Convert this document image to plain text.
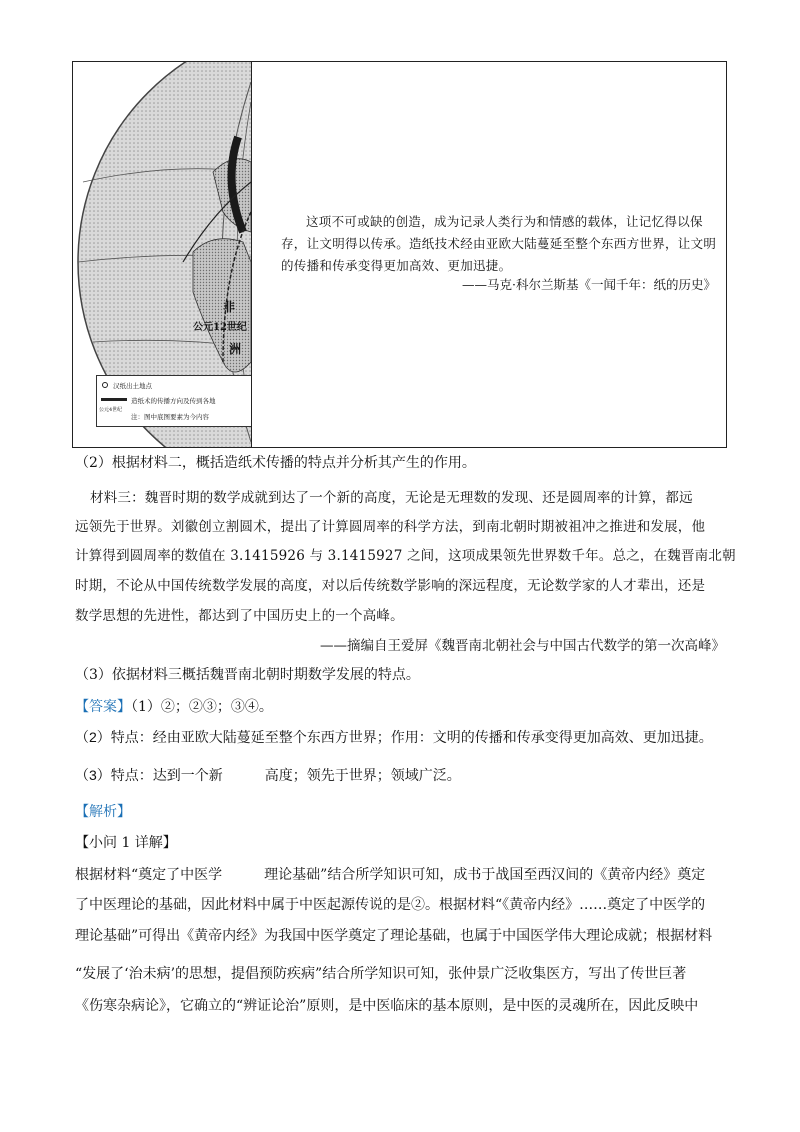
非
公元12世纪
洲
汉纸出土地点
造纸术的传播方向及传到各地
公元4世纪
注：图中底图要素为今内容
这项不可或缺的创造，成为记录人类行为和情感的载体，让记忆得以保存，让文明得以传承。造纸技术经由亚欧大陆蔓延至整个东西方世界，让文明的传播和传承变得更加高效、更加迅捷。
——马克·科尔兰斯基《一闻千年：纸的历史》
（2）根据材料二，概括造纸术传播的特点并分析其产生的作用。
材料三：魏晋时期的数学成就到达了一个新的高度，无论是无理数的发现、还是圆周率的计算，都远
远领先于世界。刘徽创立割圆术，提出了计算圆周率的科学方法，到南北朝时期被祖冲之推进和发展，他
计算得到圆周率的数值在 3.1415926 与 3.1415927 之间，这项成果领先世界数千年。总之，在魏晋南北朝
时期，不论从中国传统数学发展的高度，对以后传统数学影响的深远程度，无论数学家的人才辈出，还是
数学思想的先进性，都达到了中国历史上的一个高峰。
——摘编自王爱屏《魏晋南北朝社会与中国古代数学的第一次高峰》
（3）依据材料三概括魏晋南北朝时期数学发展的特点。
【答案】（1）②；②③；③④。
（2）特点：经由亚欧大陆蔓延至整个东西方世界；作用：文明的传播和传承变得更加高效、更加迅捷。
（3）特点：达到一个新　　　高度；领先于世界；领域广泛。
【解析】
【小问 1 详解】
根据材料“奠定了中医学　　　理论基础”结合所学知识可知，成书于战国至西汉间的《黄帝内经》奠定
了中医理论的基础，因此材料中属于中医起源传说的是②。根据材料“《黄帝内经》……奠定了中医学的
理论基础”可得出《黄帝内经》为我国中医学奠定了理论基础，也属于中国医学伟大理论成就；根据材料
“发展了‘治未病’的思想，提倡预防疾病”结合所学知识可知，张仲景广泛收集医方，写出了传世巨著
《伤寒杂病论》，它确立的“辨证论治”原则，是中医临床的基本原则，是中医的灵魂所在，因此反映中
